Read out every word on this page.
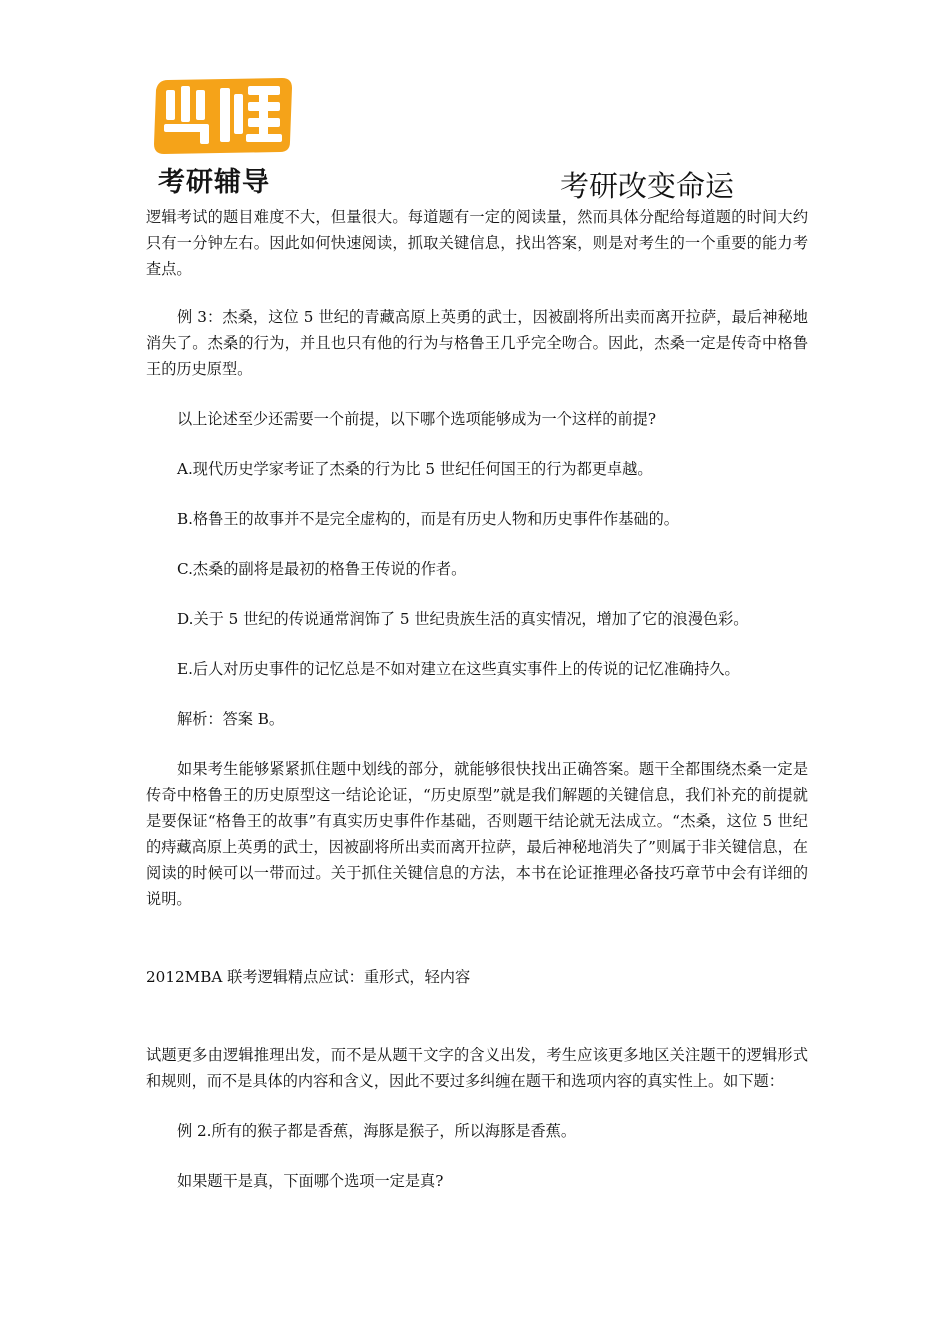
凯程
考研辅导	考研改变命运

逻辑考试的题目难度不大，但量很大。每道题有一定的阅读量，然而具体分配给每道题的时间大约只有一分钟左右。因此如何快速阅读，抓取关键信息，找出答案，则是对考生的一个重要的能力考查点。

例 3：杰桑，这位 5 世纪的青藏高原上英勇的武士，因被副将所出卖而离开拉萨，最后神秘地消失了。杰桑的行为，并且也只有他的行为与格鲁王几乎完全吻合。因此，杰桑一定是传奇中格鲁王的历史原型。

以上论述至少还需要一个前提，以下哪个选项能够成为一个这样的前提?

A.现代历史学家考证了杰桑的行为比 5 世纪任何国王的行为都更卓越。

B.格鲁王的故事并不是完全虚构的，而是有历史人物和历史事件作基础的。

C.杰桑的副将是最初的格鲁王传说的作者。

D.关于 5 世纪的传说通常润饰了 5 世纪贵族生活的真实情况，增加了它的浪漫色彩。

E.后人对历史事件的记忆总是不如对建立在这些真实事件上的传说的记忆准确持久。

解析：答案 B。

如果考生能够紧紧抓住题中划线的部分，就能够很快找出正确答案。题干全都围绕杰桑一定是传奇中格鲁王的历史原型这一结论论证，“历史原型”就是我们解题的关键信息，我们补充的前提就是要保证“格鲁王的故事”有真实历史事件作基础，否则题干结论就无法成立。“杰桑，这位 5 世纪的痔藏高原上英勇的武士，因被副将所出卖而离开拉萨，最后神秘地消失了”则属于非关键信息，在阅读的时候可以一带而过。关于抓住关键信息的方法，本书在论证推理必备技巧章节中会有详细的说明。

2012MBA 联考逻辑精点应试：重形式，轻内容

试题更多由逻辑推理出发，而不是从题干文字的含义出发，考生应该更多地区关注题干的逻辑形式和规则，而不是具体的内容和含义，因此不要过多纠缠在题干和选项内容的真实性上。如下题：

例 2.所有的猴子都是香蕉，海豚是猴子，所以海豚是香蕉。

如果题干是真，下面哪个选项一定是真?
